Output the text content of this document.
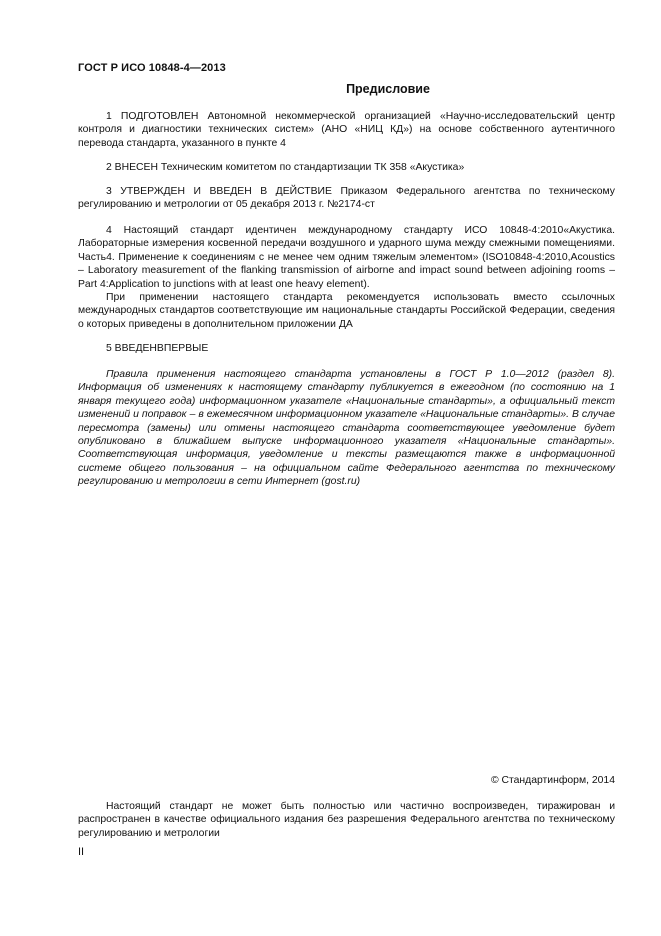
ГОСТ Р ИСО 10848-4—2013
Предисловие
1 ПОДГОТОВЛЕН Автономной некоммерческой организацией «Научно-исследовательский центр контроля и диагностики технических систем» (АНО «НИЦ КД») на основе собственного аутентичного перевода стандарта, указанного в пункте 4
2 ВНЕСЕН Техническим комитетом по стандартизации ТК 358 «Акустика»
3 УТВЕРЖДЕН И ВВЕДЕН В ДЕЙСТВИЕ Приказом Федерального агентства по техническому регулированию и метрологии от 05 декабря 2013 г. №2174-ст
4 Настоящий стандарт идентичен международному стандарту ИСО 10848-4:2010«Акустика. Лабораторные измерения косвенной передачи воздушного и ударного шума между смежными помещениями. Часть4. Применение к соединениям с не менее чем одним тяжелым элементом» (ISO10848-4:2010,Acoustics – Laboratory measurement of the flanking transmission of airborne and impact sound between adjoining rooms – Part 4:Application to junctions with at least one heavy element).
При применении настоящего стандарта рекомендуется использовать вместо ссылочных международных стандартов соответствующие им национальные стандарты Российской Федерации, сведения о которых приведены в дополнительном приложении ДА
5 ВВЕДЕНВПЕРВЫЕ
Правила применения настоящего стандарта установлены в ГОСТ Р 1.0—2012 (раздел 8). Информация об изменениях к настоящему стандарту публикуется в ежегодном (по состоянию на 1 января текущего года) информационном указателе «Национальные стандарты», а официальный текст изменений и поправок – в ежемесячном информационном указателе «Национальные стандарты». В случае пересмотра (замены) или отмены настоящего стандарта соответствующее уведомление будет опубликовано в ближайшем выпуске информационного указателя «Национальные стандарты». Соответствующая информация, уведомление и тексты размещаются также в информационной системе общего пользования – на официальном сайте Федерального агентства по техническому регулированию и метрологии в сети Интернет (gost.ru)
© Стандартинформ, 2014
Настоящий стандарт не может быть полностью или частично воспроизведен, тиражирован и распространен в качестве официального издания без разрешения Федерального агентства по техническому регулированию и метрологии
II
